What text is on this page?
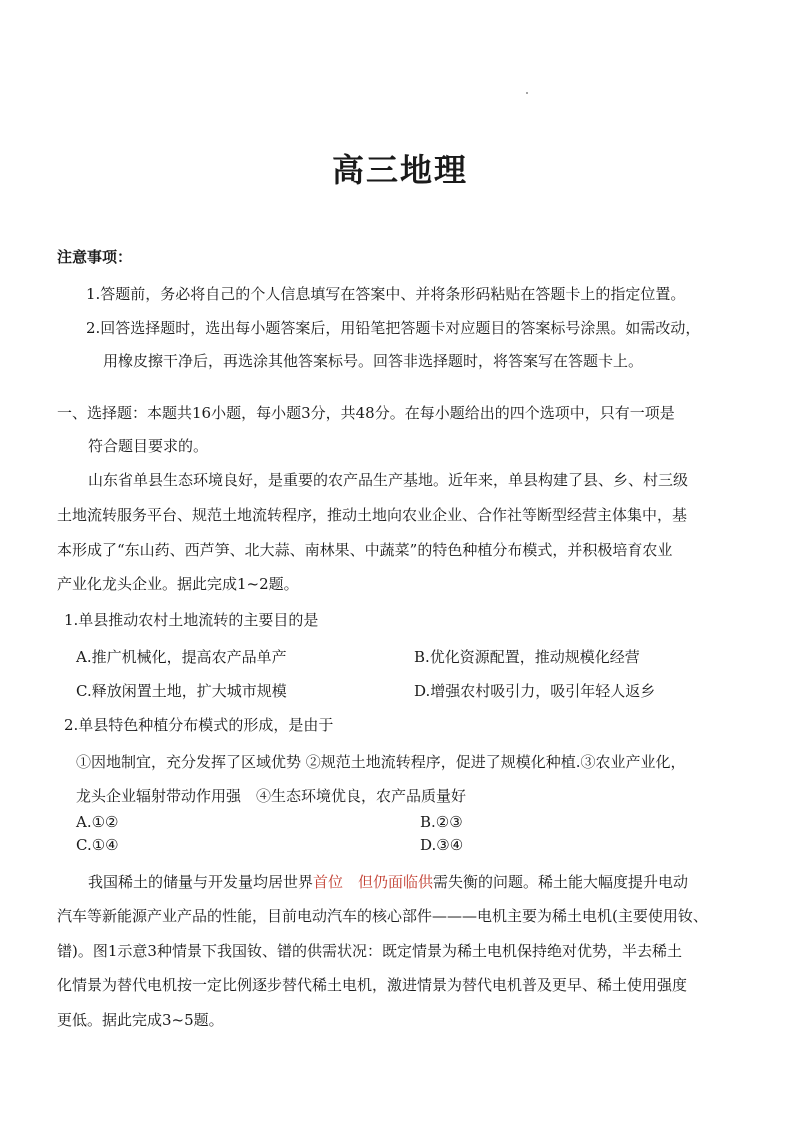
高三地理
注意事项：
1.答题前，务必将自己的个人信息填写在答案中、并将条形码粘贴在答题卡上的指定位置。
2.回答选择题时，选出每小题答案后，用铅笔把答题卡对应题目的答案标号涂黑。如需改动，
用橡皮擦干净后，再选涂其他答案标号。回答非选择题时，将答案写在答题卡上。
一、选择题：本题共16小题，每小题3分，共48分。在每小题给出的四个选项中，只有一项是
符合题目要求的。
山东省单县生态环境良好，是重要的农产品生产基地。近年来，单县构建了县、乡、村三级
土地流转服务平台、规范土地流转程序，推动土地向农业企业、合作社等断型经营主体集中，基
本形成了“东山药、西芦笋、北大蒜、南林果、中蔬菜”的特色种植分布模式，并积极培育农业
产业化龙头企业。据此完成1~2题。
1.单县推动农村土地流转的主要目的是
A.推广机械化，提高农产品单产	B.优化资源配置，推动规模化经营
C.释放闲置土地，扩大城市规模	D.增强农村吸引力，吸引年轻人返乡
2.单县特色种植分布模式的形成，是由于
①因地制宜，充分发挥了区域优势 ②规范土地流转程序，促进了规模化种植.③农业产业化，
龙头企业辐射带动作用强　④生态环境优良，农产品质量好
A.①②	B.②③
C.①④	D.③④
我国稀土的储量与开发量均居世界首位　但仍面临供需失衡的问题。稀土能大幅度提升电动
汽车等新能源产业产品的性能，目前电动汽车的核心部件———电机主要为稀土电机(主要使用钕、
镨)。图1示意3种情景下我国钕、镨的供需状况：既定情景为稀土电机保持绝对优势，半去稀土
化情景为替代电机按一定比例逐步替代稀土电机，激进情景为替代电机普及更早、稀土使用强度
更低。据此完成3~5题。
